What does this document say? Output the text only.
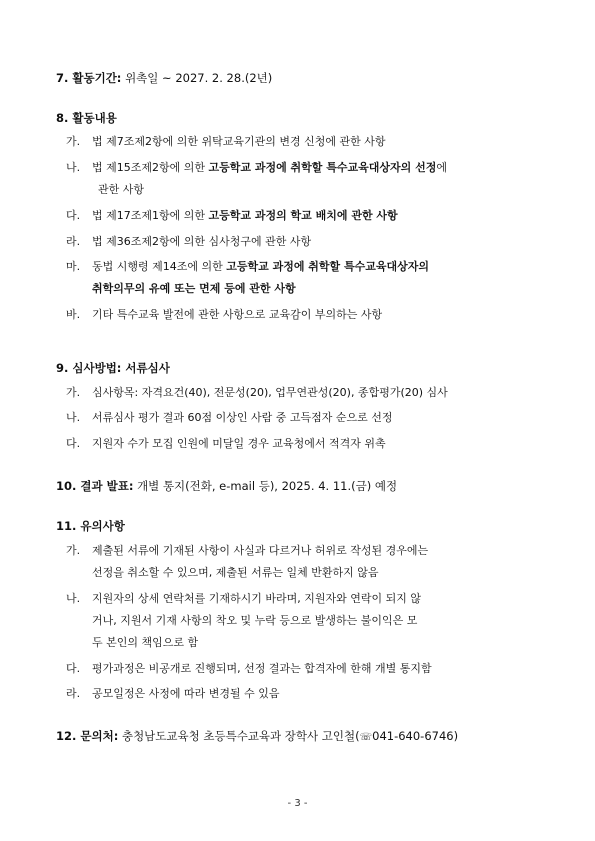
7. 활동기간: 위촉일 ~ 2027. 2. 28.(2년)
8. 활동내용
가. 법 제7조제2항에 의한 위탁교육기관의 변경 신청에 관한 사항
나. 법 제15조제2항에 의한 고등학교 과정에 취학할 특수교육대상자의 선정에
관한 사항
다. 법 제17조제1항에 의한 고등학교 과정의 학교 배치에 관한 사항
라. 법 제36조제2항에 의한 심사청구에 관한 사항
마. 동법 시행령 제14조에 의한 고등학교 과정에 취학할 특수교육대상자의
취학의무의 유예 또는 면제 등에 관한 사항
바. 기타 특수교육 발전에 관한 사항으로 교육감이 부의하는 사항
9. 심사방법: 서류심사
가. 심사항목: 자격요건(40), 전문성(20), 업무연관성(20), 종합평가(20) 심사
나. 서류심사 평가 결과 60점 이상인 사람 중 고득점자 순으로 선정
다. 지원자 수가 모집 인원에 미달일 경우 교육청에서 적격자 위촉
10. 결과 발표: 개별 통지(전화, e-mail 등), 2025. 4. 11.(금) 예정
11. 유의사항
가. 제출된 서류에 기재된 사항이 사실과 다르거나 허위로 작성된 경우에는
선정을 취소할 수 있으며, 제출된 서류는 일체 반환하지 않음
나. 지원자의 상세 연락처를 기재하시기 바라며, 지원자와 연락이 되지 않
거나, 지원서 기재 사항의 착오 및 누락 등으로 발생하는 불이익은 모
두 본인의 책임으로 함
다. 평가과정은 비공개로 진행되며, 선정 결과는 합격자에 한해 개별 통지함
라. 공모일정은 사정에 따라 변경될 수 있음
12. 문의처: 충청남도교육청 초등특수교육과 장학사 고인철(☏041-640-6746)
- 3 -
